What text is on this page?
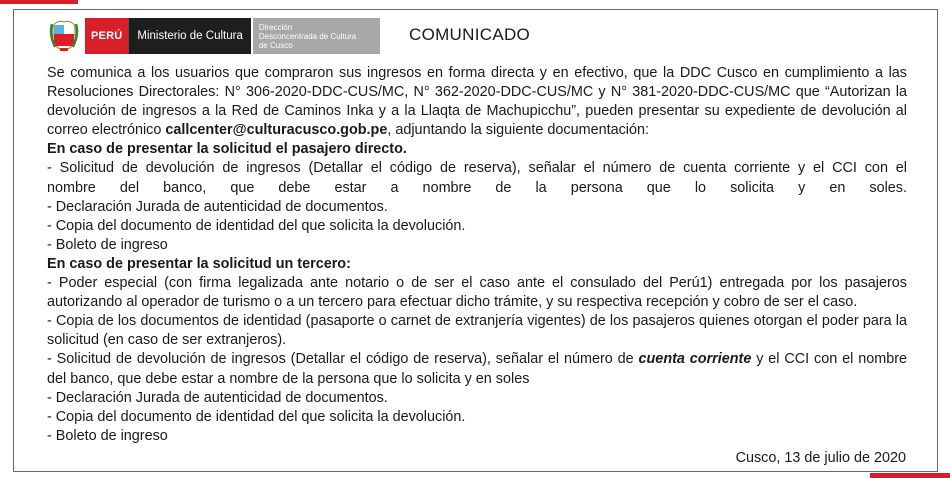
PERÚ	Ministerio de Cultura
Dirección
Desconcentrada de Cultura
de Cusco
COMUNICADO

Se comunica a los usuarios que compraron sus ingresos en forma directa y en efectivo, que la DDC Cusco en cumplimiento a las Resoluciones Directorales: N° 306-2020-DDC-CUS/MC, N° 362-2020-DDC-CUS/MC y N° 381-2020-DDC-CUS/MC que “Autorizan la devolución de ingresos a la Red de Caminos Inka y a la Llaqta de Machupicchu”, pueden presentar su expediente de devolución al correo electrónico callcenter@culturacusco.gob.pe, adjuntando la siguiente documentación:

En caso de presentar la solicitud el pasajero directo.

- Solicitud de devolución de ingresos (Detallar el código de reserva), señalar el número de cuenta corriente y el CCI con el

nombre del banco, que debe estar a nombre de la persona que lo solicita y en soles.

- Declaración Jurada de autenticidad de documentos.

- Copia del documento de identidad del que solicita la devolución.

- Boleto de ingreso

En caso de presentar la solicitud un tercero:

- Poder especial (con firma legalizada ante notario o de ser el caso ante el consulado del Perú1) entregada por los pasajeros autorizando al operador de turismo o a un tercero para efectuar dicho trámite, y su respectiva recepción y cobro de ser el caso.

- Copia de los documentos de identidad (pasaporte o carnet de extranjería vigentes) de los pasajeros quienes otorgan el poder para la solicitud (en caso de ser extranjeros).

- Solicitud de devolución de ingresos (Detallar el código de reserva), señalar el número de cuenta corriente y el CCI con el nombre del banco, que debe estar a nombre de la persona que lo solicita y en soles

- Declaración Jurada de autenticidad de documentos.

- Copia del documento de identidad del que solicita la devolución.

- Boleto de ingreso

Cusco, 13 de julio de 2020
